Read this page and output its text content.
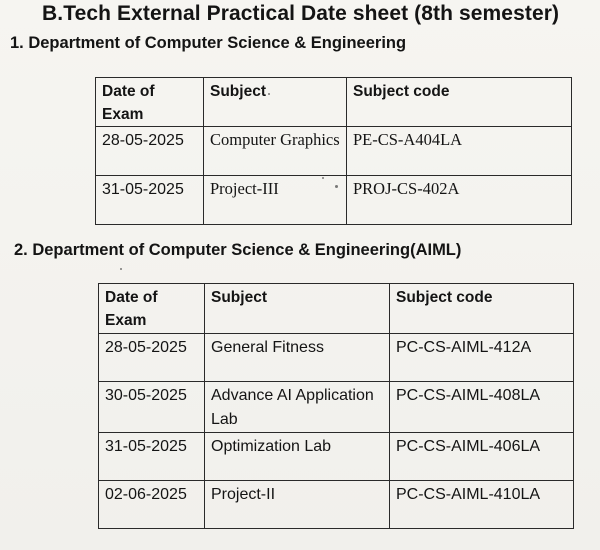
B.Tech External Practical Date sheet (8th semester)
1. Department of Computer Science & Engineering
Date of Exam	Subject	Subject code
28-05-2025	Computer Graphics	PE-CS-A404LA
31-05-2025	Project-III	PROJ-CS-402A
2. Department of Computer Science & Engineering(AIML)
Date of Exam	Subject	Subject code
28-05-2025	General Fitness	PC-CS-AIML-412A
30-05-2025	Advance AI Application Lab	PC-CS-AIML-408LA
31-05-2025	Optimization Lab	PC-CS-AIML-406LA
02-06-2025	Project-II	PC-CS-AIML-410LA
